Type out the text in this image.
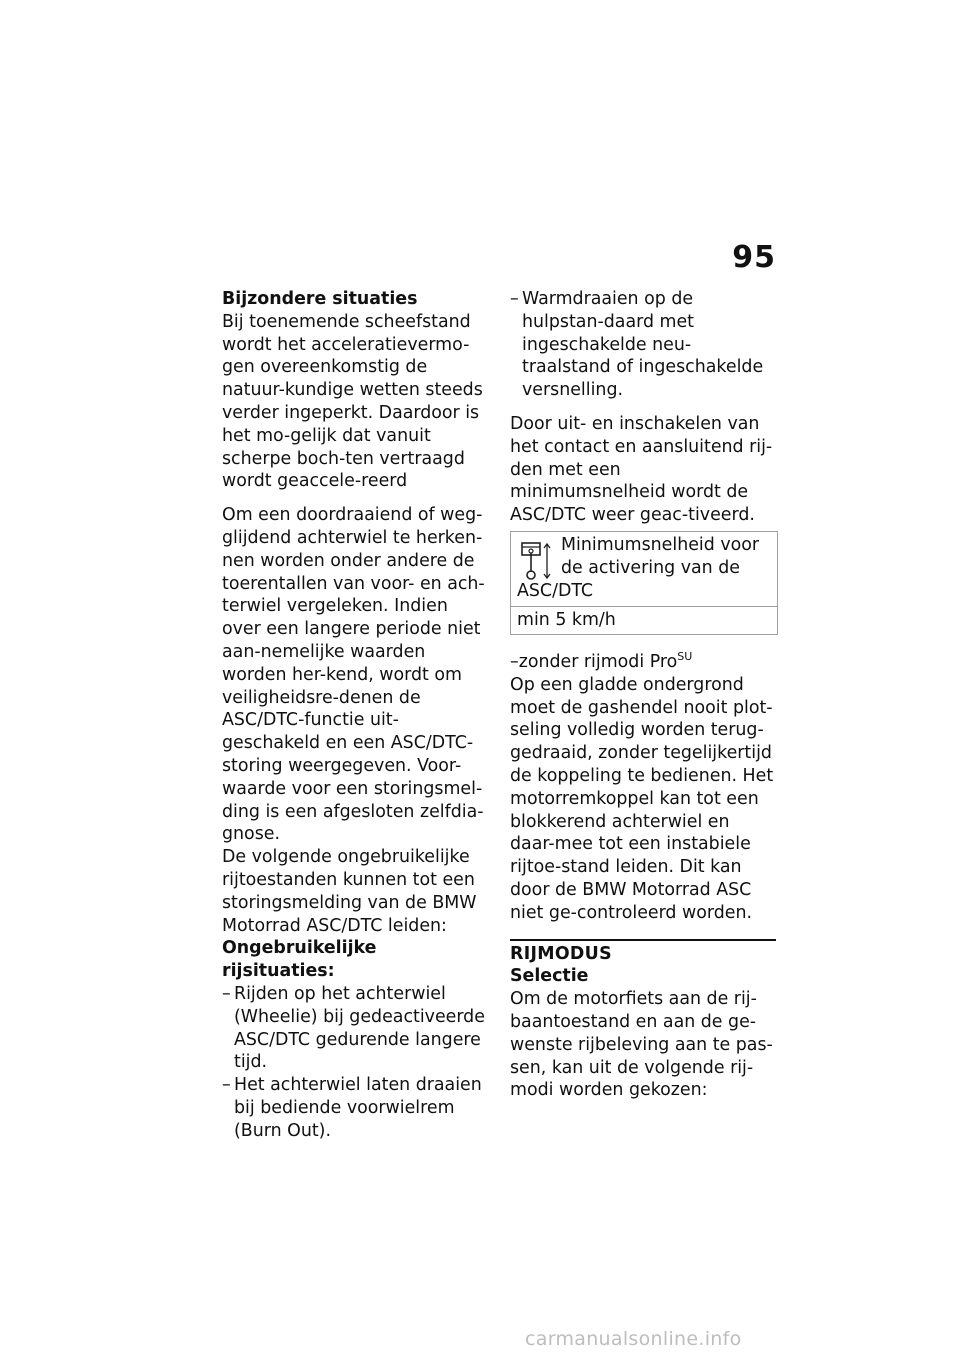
95
Bijzondere situaties

Bij toenemende scheefstand wordt het acceleratievermo-gen overeenkomstig de natuur-kundige wetten steeds verder ingeperkt. Daardoor is het mo-gelijk dat vanuit scherpe boch-ten vertraagd wordt geaccele-reerd

Om een doordraaiend of weg-glijdend achterwiel te herken-nen worden onder andere de toerentallen van voor- en ach-terwiel vergeleken. Indien over een langere periode niet aan-nemelijke waarden worden her-kend, wordt om veiligheidsre-denen de ASC/DTC-functie uit-geschakeld en een ASC/DTC-storing weergegeven. Voor-waarde voor een storingsmel-ding is een afgesloten zelfdia-gnose.

De volgende ongebruikelijke rijtoestanden kunnen tot een storingsmelding van de BMW Motorrad ASC/DTC leiden:

Ongebruikelijke rijsituaties:
– Rijden op het achterwiel (Wheelie) bij gedeactiveerde ASC/DTC gedurende langere tijd.
– Het achterwiel laten draaien bij bediende voorwielrem (Burn Out).
– Warmdraaien op de hulpstan-daard met ingeschakelde neu-traalstand of ingeschakelde versnelling.

Door uit- en inschakelen van het contact en aansluitend rij-den met een minimumsnelheid wordt de ASC/DTC weer geac-tiveerd.

Minimumsnelheid voor
de activering van de
ASC/DTC
min 5 km/h

–zonder rijmodi Pro$^{SU}$

Op een gladde ondergrond moet de gashendel nooit plot-seling volledig worden terug-gedraaid, zonder tegelijkertijd de koppeling te bedienen. Het motorremkoppel kan tot een blokkerend achterwiel en daar-mee tot een instabiele rijtoe-stand leiden. Dit kan door de BMW Motorrad ASC niet ge-controleerd worden.

RIJMODUS
Selectie

Om de motorfiets aan de rij-baantoestand en aan de ge-wenste rijbeleving aan te pas-sen, kan uit de volgende rij-modi worden gekozen:

carmanualsonline.info
